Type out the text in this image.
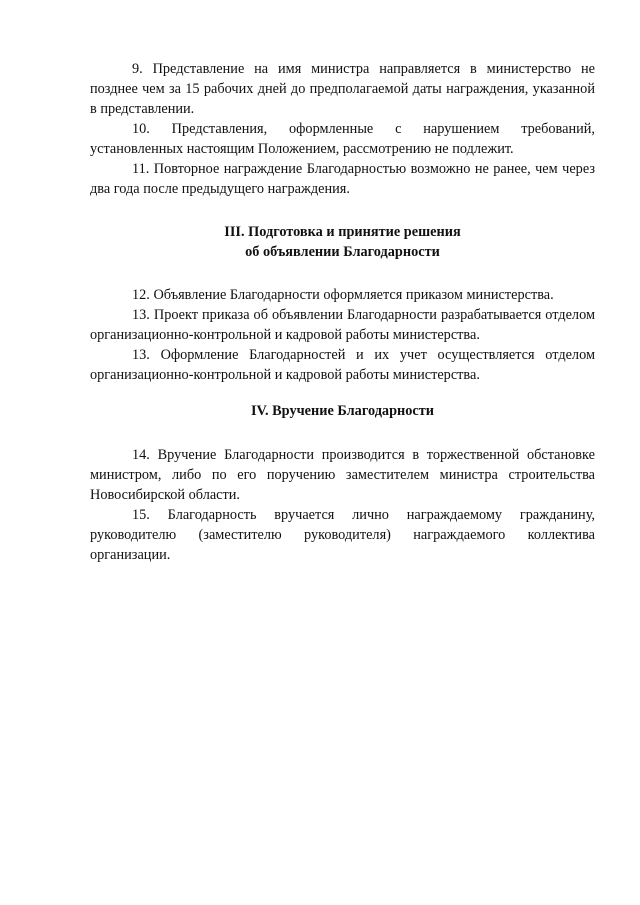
9. Представление на имя министра направляется в министерство не позднее чем за 15 рабочих дней до предполагаемой даты награждения, указанной в представлении.

10. Представления, оформленные с нарушением требований, установленных настоящим Положением, рассмотрению не подлежит.

11. Повторное награждение Благодарностью возможно не ранее, чем через два года после предыдущего награждения.

III. Подготовка и принятие решения
об объявлении Благодарности

12. Объявление Благодарности оформляется приказом министерства.

13. Проект приказа об объявлении Благодарности разрабатывается отделом организационно-контрольной и кадровой работы министерства.

13. Оформление Благодарностей и их учет осуществляется отделом организационно-контрольной и кадровой работы министерства.

IV. Вручение Благодарности

14. Вручение Благодарности производится в торжественной обстановке министром, либо по его поручению заместителем министра строительства Новосибирской области.

15. Благодарность вручается лично награждаемому гражданину, руководителю (заместителю руководителя) награждаемого коллектива организации.
